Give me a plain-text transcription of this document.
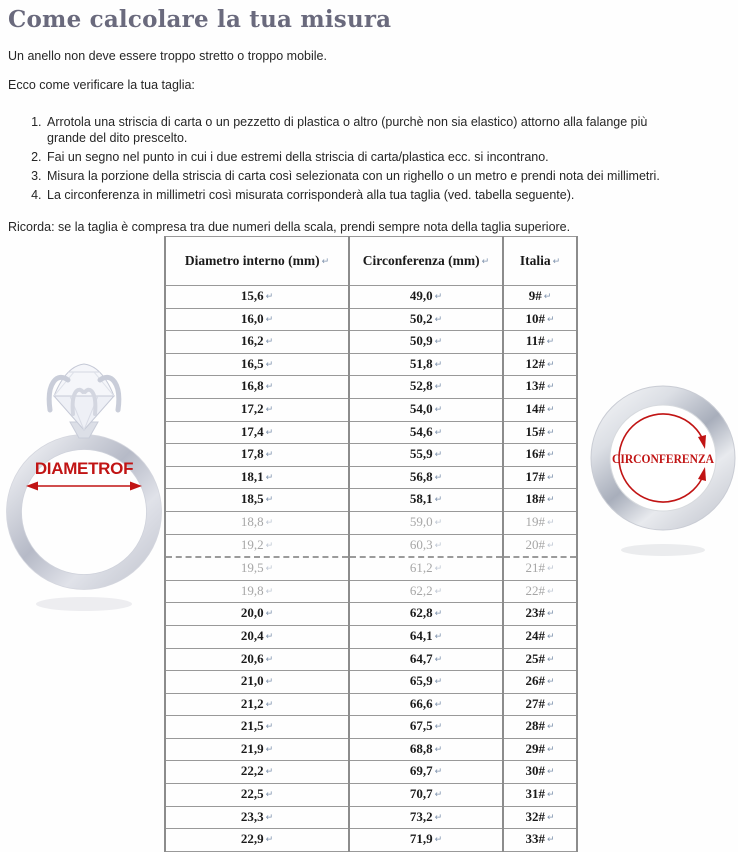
Come calcolare la tua misura

Un anello non deve essere troppo stretto o troppo mobile.

Ecco come verificare la tua taglia:

1. Arrotola una striscia di carta o un pezzetto di plastica o altro (purchè non sia elastico) attorno alla falange più grande del dito prescelto.
2. Fai un segno nel punto in cui i due estremi della striscia di carta/plastica ecc. si incontrano.
3. Misura la porzione della striscia di carta così selezionata con un righello o un metro e prendi nota dei millimetri.
4. La circonferenza in millimetri così misurata corrisponderà alla tua taglia (ved. tabella seguente).

Ricorda: se la taglia è compresa tra due numeri della scala, prendi sempre nota della taglia superiore.

DIAMETROF
Diametro interno (mm) ↵	Circonferenza (mm) ↵	Italia ↵
15,6 ↵	49,0 ↵	9# ↵
16,0 ↵	50,2 ↵	10# ↵
16,2 ↵	50,9 ↵	11# ↵
16,5 ↵	51,8 ↵	12# ↵
16,8 ↵	52,8 ↵	13# ↵
17,2 ↵	54,0 ↵	14# ↵
17,4 ↵	54,6 ↵	15# ↵
17,8 ↵	55,9 ↵	16# ↵
18,1 ↵	56,8 ↵	17# ↵
18,5 ↵	58,1 ↵	18# ↵
18,8 ↵	59,0 ↵	19# ↵
19,2 ↵	60,3 ↵	20# ↵
19,5 ↵	61,2 ↵	21# ↵
19,8 ↵	62,2 ↵	22# ↵
20,0 ↵	62,8 ↵	23# ↵
20,4 ↵	64,1 ↵	24# ↵
20,6 ↵	64,7 ↵	25# ↵
21,0 ↵	65,9 ↵	26# ↵
21,2 ↵	66,6 ↵	27# ↵
21,5 ↵	67,5 ↵	28# ↵
21,9 ↵	68,8 ↵	29# ↵
22,2 ↵	69,7 ↵	30# ↵
22,5 ↵	70,7 ↵	31# ↵
23,3 ↵	73,2 ↵	32# ↵
22,9 ↵	71,9 ↵	33# ↵
CIRCONFERENZA
